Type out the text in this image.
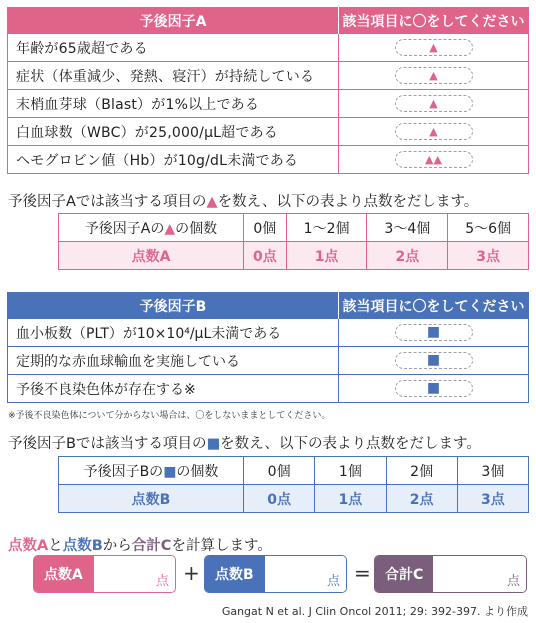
予後因子A	該当項目に〇をしてください
年齢が65歳超である	▲

症状（体重減少、発熱、寝汗）が持続している	▲

末梢血芽球（Blast）が1%以上である	▲

白血球数（WBC）が25,000/μL超である	▲

ヘモグロビン値（Hb）が10g/dL未満である	▲▲
予後因子Aでは該当する項目の▲を数え、以下の表より点数をだします。
予後因子Aの▲の個数	0個	1～2個	3～4個	5～6個
点数A	0点	1点	2点	3点
予後因子B	該当項目に〇をしてください
血小板数（PLT）が10×10⁴/μL未満である	■

定期的な赤血球輸血を実施している	■

予後不良染色体が存在する※	■
※予後不良染色体について分からない場合は、〇をしないままとしてください。
予後因子Bでは該当する項目の■を数え、以下の表より点数をだします。
予後因子Bの■の個数	0個	1個	2個	3個
点数B	0点	1点	2点	3点
点数Aと点数Bから合計Cを計算します。
点数A	点 +	点数B	点 =	合計C	点
Gangat N et al. J Clin Oncol 2011; 29: 392-397. より作成
